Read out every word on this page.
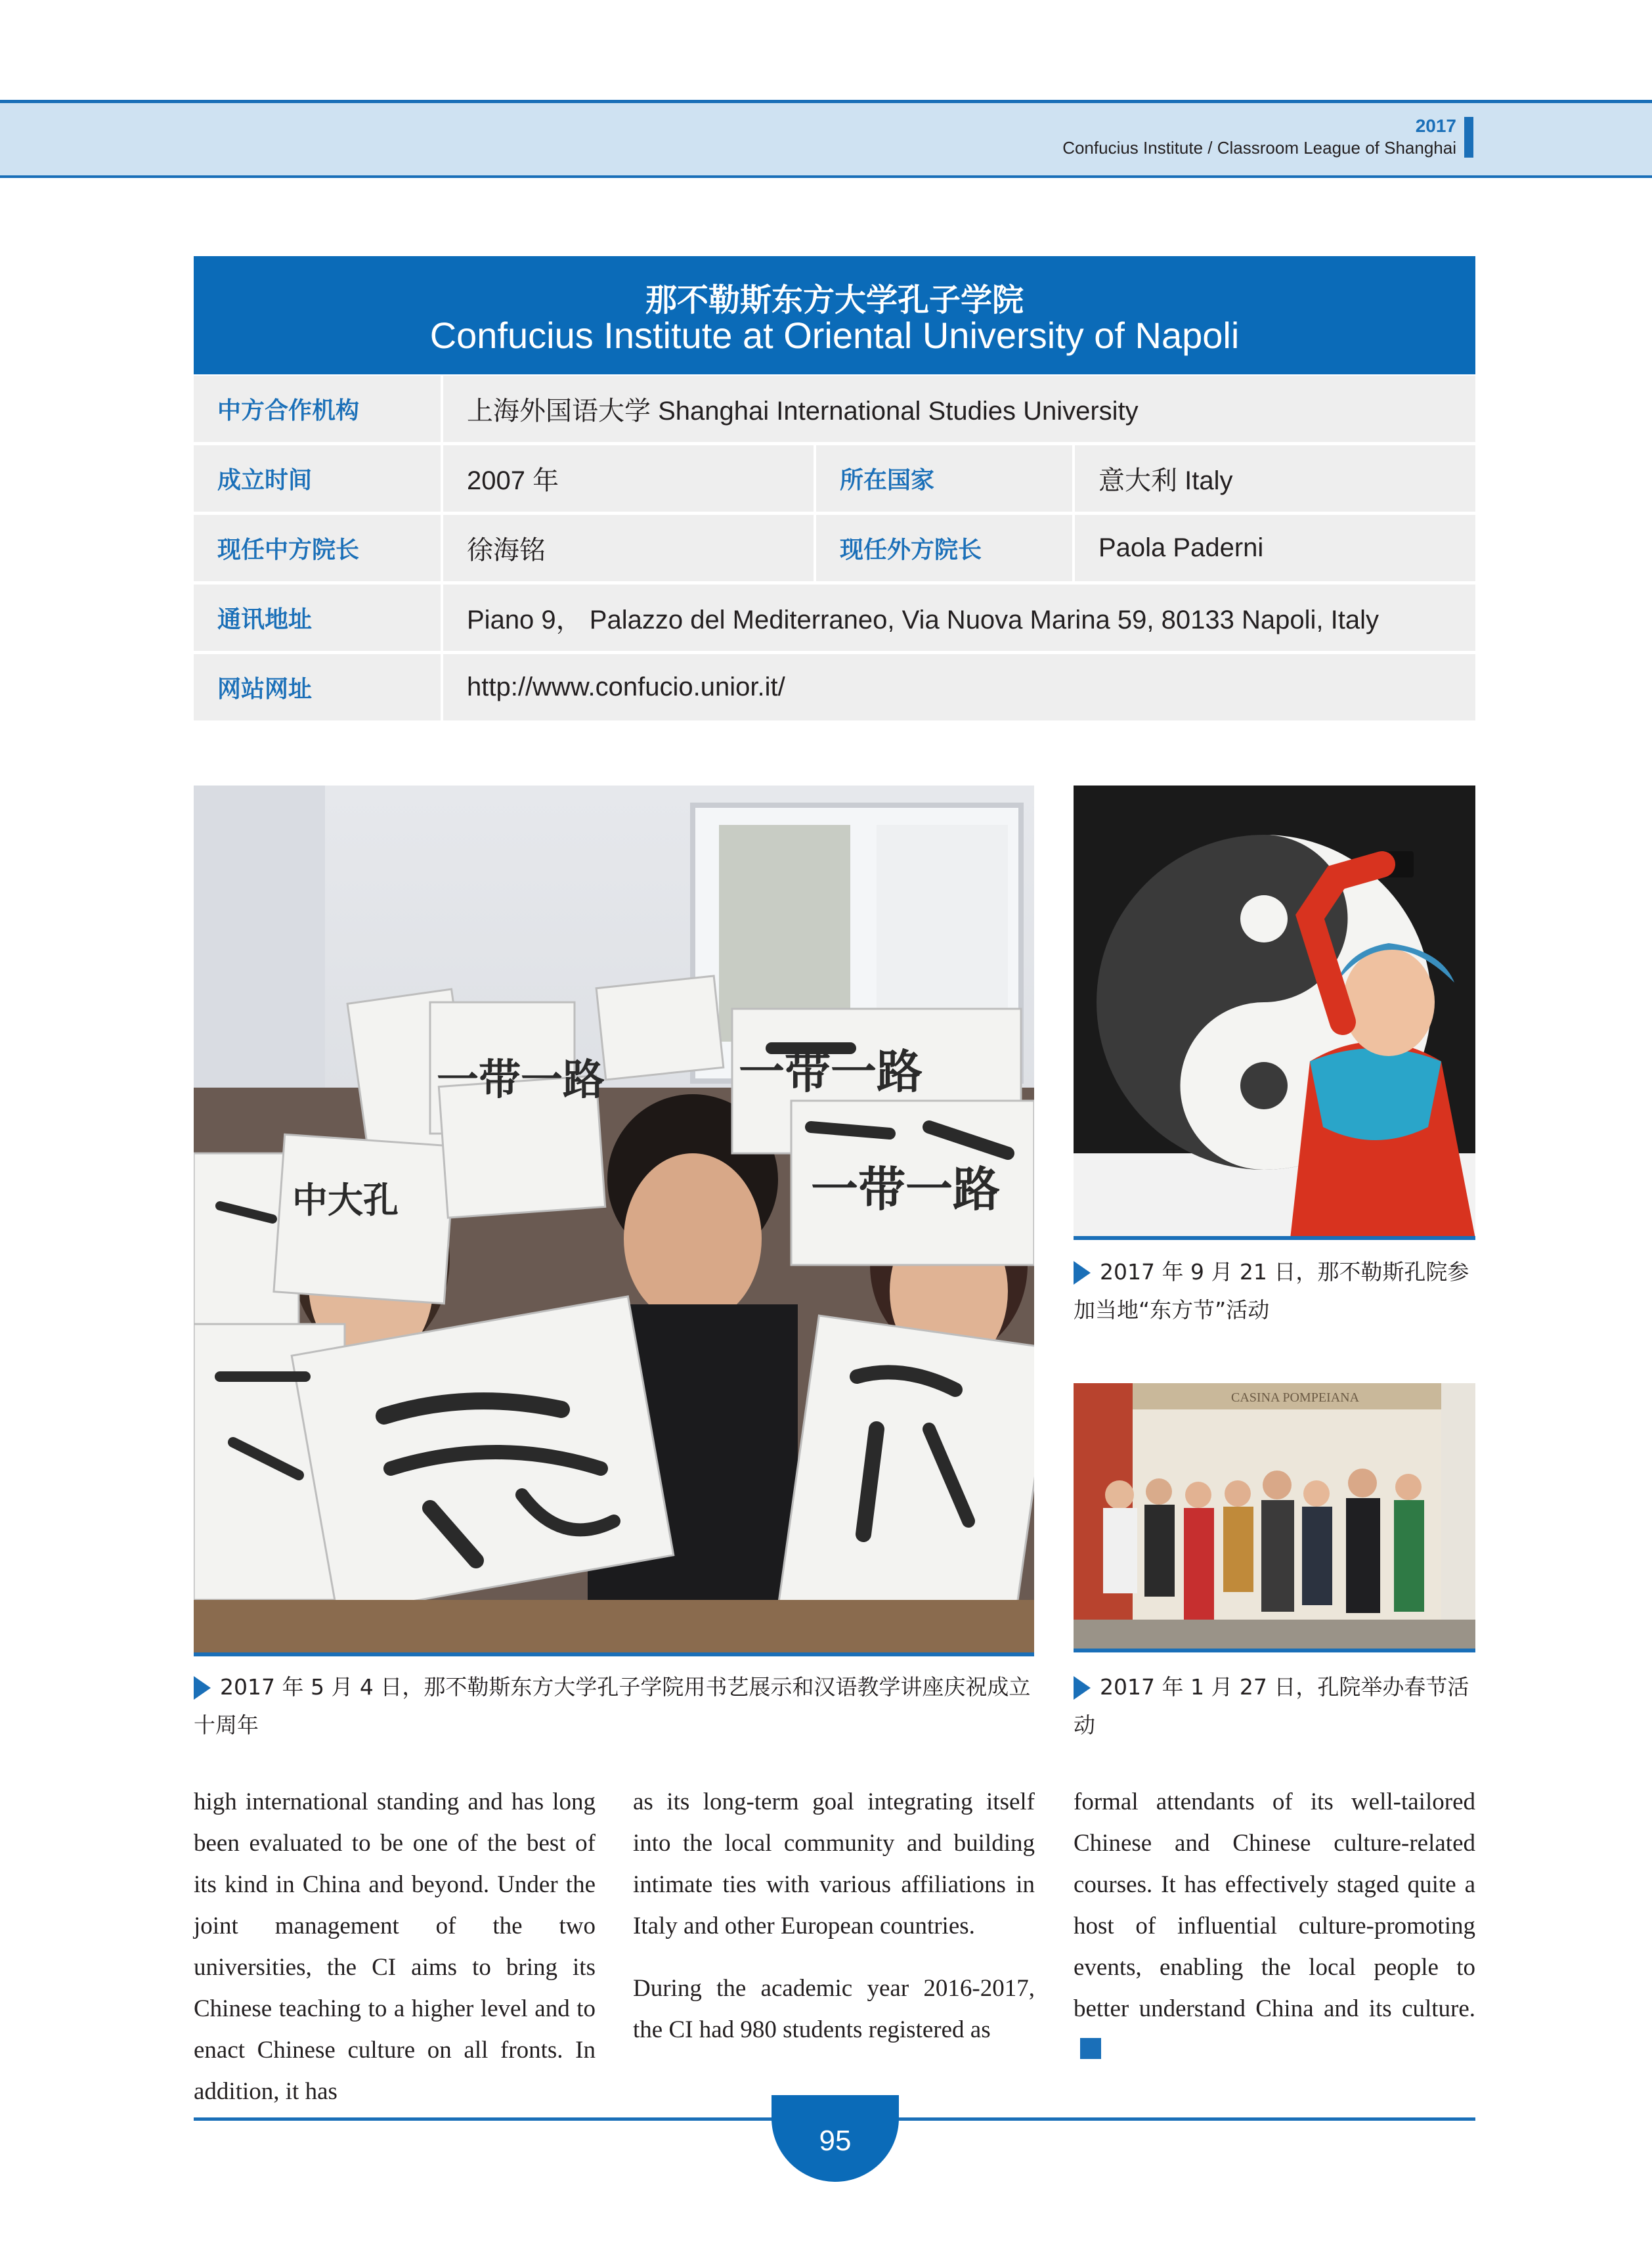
2017
Confucius Institute / Classroom League of Shanghai
那不勒斯东方大学孔子学院
Confucius Institute at Oriental University of Napoli
中方合作机构	上海外国语大学 Shanghai International Studies University
成立时间	2007 年	所在国家	意大利 Italy
现任中方院长	徐海铭	现任外方院长	Paola Paderni
通讯地址	Piano 9， Palazzo del Mediterraneo, Via Nuova Marina 59, 80133 Napoli, Italy
网站网址	http://www.confucio.unior.it/
一带一路	一带一路
中大孔	一带一路
CASINA POMPEIANA
2017 年 5 月 4 日，那不勒斯东方大学孔子学院用书艺展示和汉语教学讲座庆祝成立十周年
2017 年 9 月 21 日，那不勒斯孔院参加当地“东方节”活动
2017 年 1 月 27 日，孔院举办春节活动

high international standing and has long been evaluated to be one of the best of its kind in China and beyond. Under the joint management of the two universities, the CI aims to bring its Chinese teaching to a higher level and to enact Chinese culture on all fronts. In addition, it has

as its long-term goal integrating itself into the local community and building intimate ties with various affiliations in Italy and other European countries.

During the academic year 2016-2017, the CI had 980 students registered as

formal attendants of its well-tailored Chinese and Chinese culture-related courses. It has effectively staged quite a host of influential culture-promoting events, enabling the local people to better understand China and its culture.

95
